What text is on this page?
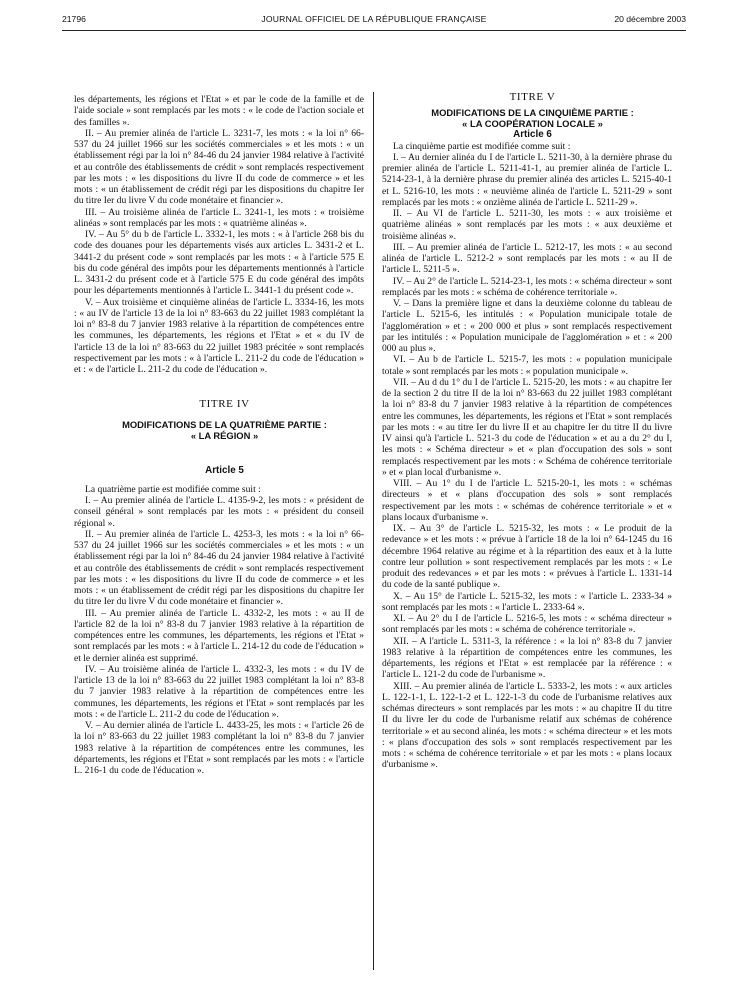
21796	JOURNAL OFFICIEL DE LA RÉPUBLIQUE FRANÇAISE	20 décembre 2003

les départements, les régions et l'Etat » et par le code de la famille et de l'aide sociale » sont remplacés par les mots : « le code de l'action sociale et des familles ».

II. – Au premier alinéa de l'article L. 3231-7, les mots : « la loi n° 66-537 du 24 juillet 1966 sur les sociétés commerciales » et les mots : « un établissement régi par la loi n° 84-46 du 24 janvier 1984 relative à l'activité et au contrôle des établissements de crédit » sont remplacés respectivement par les mots : « les dispositions du livre II du code de commerce » et les mots : « un établissement de crédit régi par les dispositions du chapitre Ier du titre Ier du livre V du code monétaire et financier ».

III. – Au troisième alinéa de l'article L. 3241-1, les mots : « troisième alinéas » sont remplacés par les mots : « quatrième alinéas ».

IV. – Au 5° du b de l'article L. 3332-1, les mots : « à l'article 268 bis du code des douanes pour les départements visés aux articles L. 3431-2 et L. 3441-2 du présent code » sont remplacés par les mots : « à l'article 575 E bis du code général des impôts pour les départements mentionnés à l'article L. 3431-2 du présent code et à l'article 575 E du code général des impôts pour les départements mentionnés à l'article L. 3441-1 du présent code ».

V. – Aux troisième et cinquième alinéas de l'article L. 3334-16, les mots : « au IV de l'article 13 de la loi n° 83-663 du 22 juillet 1983 complétant la loi n° 83-8 du 7 janvier 1983 relative à la répartition de compétences entre les communes, les départements, les régions et l'Etat » et « du IV de l'article 13 de la loi n° 83-663 du 22 juillet 1983 précitée » sont remplacés respectivement par les mots : « à l'article L. 211-2 du code de l'éducation » et : « de l'article L. 211-2 du code de l'éducation ».

TITRE IV

MODIFICATIONS DE LA QUATRIÈME PARTIE :

« LA RÉGION »

Article 5

La quatrième partie est modifiée comme suit :

I. – Au premier alinéa de l'article L. 4135-9-2, les mots : « président de conseil général » sont remplacés par les mots : « président du conseil régional ».

II. – Au premier alinéa de l'article L. 4253-3, les mots : « la loi n° 66-537 du 24 juillet 1966 sur les sociétés commerciales » et les mots : « un établissement régi par la loi n° 84-46 du 24 janvier 1984 relative à l'activité et au contrôle des établissements de crédit » sont remplacés respectivement par les mots : « les dispositions du livre II du code de commerce » et les mots : « un établissement de crédit régi par les dispositions du chapitre Ier du titre Ier du livre V du code monétaire et financier ».

III. – Au premier alinéa de l'article L. 4332-2, les mots : « au II de l'article 82 de la loi n° 83-8 du 7 janvier 1983 relative à la répartition de compétences entre les communes, les départements, les régions et l'Etat » sont remplacés par les mots : « à l'article L. 214-12 du code de l'éducation » et le dernier alinéa est supprimé.

IV. – Au troisième alinéa de l'article L. 4332-3, les mots : « du IV de l'article 13 de la loi n° 83-663 du 22 juillet 1983 complétant la loi n° 83-8 du 7 janvier 1983 relative à la répartition de compétences entre les communes, les départements, les régions et l'Etat » sont remplacés par les mots : « de l'article L. 211-2 du code de l'éducation ».

V. – Au dernier alinéa de l'article L. 4433-25, les mots : « l'article 26 de la loi n° 83-663 du 22 juillet 1983 complétant la loi n° 83-8 du 7 janvier 1983 relative à la répartition de compétences entre les communes, les départements, les régions et l'Etat » sont remplacés par les mots : « l'article L. 216-1 du code de l'éducation ».

TITRE V

MODIFICATIONS DE LA CINQUIÈME PARTIE :

« LA COOPÉRATION LOCALE »

Article 6

La cinquième partie est modifiée comme suit :

I. – Au dernier alinéa du I de l'article L. 5211-30, à la dernière phrase du premier alinéa de l'article L. 5211-41-1, au premier alinéa de l'article L. 5214-23-1, à la dernière phrase du premier alinéa des articles L. 5215-40-1 et L. 5216-10, les mots : « neuvième alinéa de l'article L. 5211-29 » sont remplacés par les mots : « onzième alinéa de l'article L. 5211-29 ».

II. – Au VI de l'article L. 5211-30, les mots : « aux troisième et quatrième alinéas » sont remplacés par les mots : « aux deuxième et troisième alinéas ».

III. – Au premier alinéa de l'article L. 5212-17, les mots : « au second alinéa de l'article L. 5212-2 » sont remplacés par les mots : « au II de l'article L. 5211-5 ».

IV. – Au 2° de l'article L. 5214-23-1, les mots : « schéma directeur » sont remplacés par les mots : « schéma de cohérence territoriale ».

V. – Dans la première ligne et dans la deuxième colonne du tableau de l'article L. 5215-6, les intitulés : « Population municipale totale de l'agglomération » et : « 200 000 et plus » sont remplacés respectivement par les intitulés : « Population municipale de l'agglomération » et : « 200 000 au plus ».

VI. – Au b de l'article L. 5215-7, les mots : « population municipale totale » sont remplacés par les mots : « population municipale ».

VII. – Au d du 1° du I de l'article L. 5215-20, les mots : « au chapitre Ier de la section 2 du titre II de la loi n° 83-663 du 22 juillet 1983 complétant la loi n° 83-8 du 7 janvier 1983 relative à la répartition de compétences entre les communes, les départements, les régions et l'Etat » sont remplacés par les mots : « au titre Ier du livre II et au chapitre Ier du titre II du livre IV ainsi qu'à l'article L. 521-3 du code de l'éducation » et au a du 2° du I, les mots : « Schéma directeur » et « plan d'occupation des sols » sont remplacés respectivement par les mots : « Schéma de cohérence territoriale » et « plan local d'urbanisme ».

VIII. – Au 1° du I de l'article L. 5215-20-1, les mots : « schémas directeurs » et « plans d'occupation des sols » sont remplacés respectivement par les mots : « schémas de cohérence territoriale » et « plans locaux d'urbanisme ».

IX. – Au 3° de l'article L. 5215-32, les mots : « Le produit de la redevance » et les mots : « prévue à l'article 18 de la loi n° 64-1245 du 16 décembre 1964 relative au régime et à la répartition des eaux et à la lutte contre leur pollution » sont respectivement remplacés par les mots : « Le produit des redevances » et par les mots : « prévues à l'article L. 1331-14 du code de la santé publique ».

X. – Au 15° de l'article L. 5215-32, les mots : « l'article L. 2333-34 » sont remplacés par les mots : « l'article L. 2333-64 ».

XI. – Au 2° du I de l'article L. 5216-5, les mots : « schéma directeur » sont remplacés par les mots : « schéma de cohérence territoriale ».

XII. – A l'article L. 5311-3, la référence : « la loi n° 83-8 du 7 janvier 1983 relative à la répartition de compétences entre les communes, les départements, les régions et l'Etat » est remplacée par la référence : « l'article L. 121-2 du code de l'urbanisme ».

XIII. – Au premier alinéa de l'article L. 5333-2, les mots : « aux articles L. 122-1-1, L. 122-1-2 et L. 122-1-3 du code de l'urbanisme relatives aux schémas directeurs » sont remplacés par les mots : « au chapitre II du titre II du livre Ier du code de l'urbanisme relatif aux schémas de cohérence territoriale » et au second alinéa, les mots : « schéma directeur » et les mots : « plans d'occupation des sols » sont remplacés respectivement par les mots : « schéma de cohérence territoriale » et par les mots : « plans locaux d'urbanisme ».
